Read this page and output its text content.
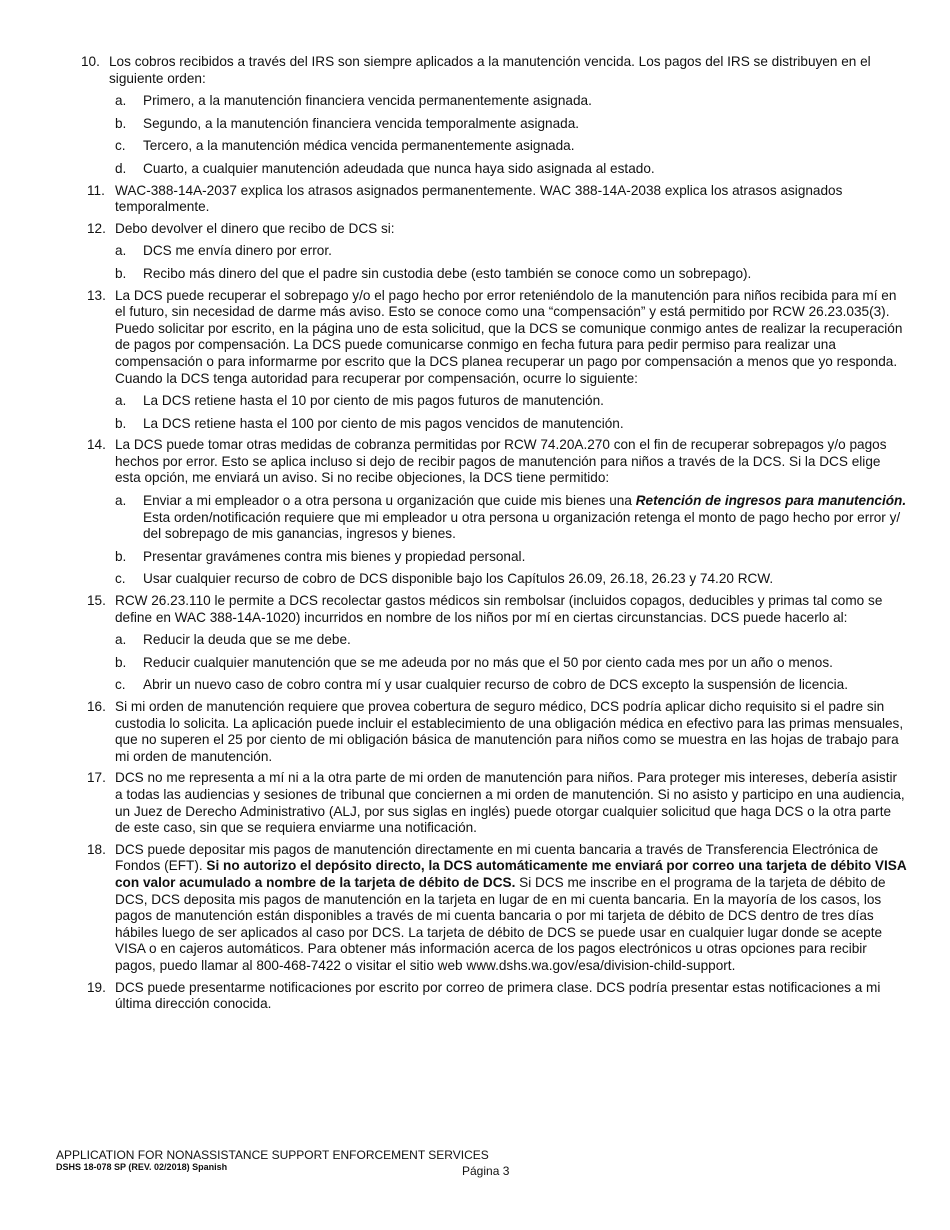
10. Los cobros recibidos a través del IRS son siempre aplicados a la manutención vencida. Los pagos del IRS se distribuyen en el siguiente orden:
a. Primero, a la manutención financiera vencida permanentemente asignada.
b. Segundo, a la manutención financiera vencida temporalmente asignada.
c. Tercero, a la manutención médica vencida permanentemente asignada.
d. Cuarto, a cualquier manutención adeudada que nunca haya sido asignada al estado.
11. WAC-388-14A-2037 explica los atrasos asignados permanentemente. WAC 388-14A-2038 explica los atrasos asignados temporalmente.
12. Debo devolver el dinero que recibo de DCS si:
a. DCS me envía dinero por error.
b. Recibo más dinero del que el padre sin custodia debe (esto también se conoce como un sobrepago).
13. La DCS puede recuperar el sobrepago y/o el pago hecho por error reteniéndolo de la manutención para niños recibida para mí en el futuro, sin necesidad de darme más aviso. Esto se conoce como una “compensación” y está permitido por RCW 26.23.035(3). Puedo solicitar por escrito, en la página uno de esta solicitud, que la DCS se comunique conmigo antes de realizar la recuperación de pagos por compensación. La DCS puede comunicarse conmigo en fecha futura para pedir permiso para realizar una compensación o para informarme por escrito que la DCS planea recuperar un pago por compensación a menos que yo responda. Cuando la DCS tenga autoridad para recuperar por compensación, ocurre lo siguiente:
a. La DCS retiene hasta el 10 por ciento de mis pagos futuros de manutención.
b. La DCS retiene hasta el 100 por ciento de mis pagos vencidos de manutención.
14. La DCS puede tomar otras medidas de cobranza permitidas por RCW 74.20A.270 con el fin de recuperar sobrepagos y/o pagos hechos por error. Esto se aplica incluso si dejo de recibir pagos de manutención para niños a través de la DCS. Si la DCS elige esta opción, me enviará un aviso. Si no recibe objeciones, la DCS tiene permitido:
a. Enviar a mi empleador o a otra persona u organización que cuide mis bienes una Retención de ingresos para manutención. Esta orden/notificación requiere que mi empleador u otra persona u organización retenga el monto de pago hecho por error y/ del sobrepago de mis ganancias, ingresos y bienes.
b. Presentar gravámenes contra mis bienes y propiedad personal.
c. Usar cualquier recurso de cobro de DCS disponible bajo los Capítulos 26.09, 26.18, 26.23 y 74.20 RCW.
15. RCW 26.23.110 le permite a DCS recolectar gastos médicos sin rembolsar (incluidos copagos, deducibles y primas tal como se define en WAC 388-14A-1020) incurridos en nombre de los niños por mí en ciertas circunstancias. DCS puede hacerlo al:
a. Reducir la deuda que se me debe.
b. Reducir cualquier manutención que se me adeuda por no más que el 50 por ciento cada mes por un año o menos.
c. Abrir un nuevo caso de cobro contra mí y usar cualquier recurso de cobro de DCS excepto la suspensión de licencia.
16. Si mi orden de manutención requiere que provea cobertura de seguro médico, DCS podría aplicar dicho requisito si el padre sin custodia lo solicita. La aplicación puede incluir el establecimiento de una obligación médica en efectivo para las primas mensuales, que no superen el 25 por ciento de mi obligación básica de manutención para niños como se muestra en las hojas de trabajo para mi orden de manutención.
17. DCS no me representa a mí ni a la otra parte de mi orden de manutención para niños. Para proteger mis intereses, debería asistir a todas las audiencias y sesiones de tribunal que conciernen a mi orden de manutención. Si no asisto y participo en una audiencia, un Juez de Derecho Administrativo (ALJ, por sus siglas en inglés) puede otorgar cualquier solicitud que haga DCS o la otra parte de este caso, sin que se requiera enviarme una notificación.
18. DCS puede depositar mis pagos de manutención directamente en mi cuenta bancaria a través de Transferencia Electrónica de Fondos (EFT). Si no autorizo el depósito directo, la DCS automáticamente me enviará por correo una tarjeta de débito VISA con valor acumulado a nombre de la tarjeta de débito de DCS. Si DCS me inscribe en el programa de la tarjeta de débito de DCS, DCS deposita mis pagos de manutención en la tarjeta en lugar de en mi cuenta bancaria. En la mayoría de los casos, los pagos de manutención están disponibles a través de mi cuenta bancaria o por mi tarjeta de débito de DCS dentro de tres días hábiles luego de ser aplicados al caso por DCS. La tarjeta de débito de DCS se puede usar en cualquier lugar donde se acepte VISA o en cajeros automáticos. Para obtener más información acerca de los pagos electrónicos u otras opciones para recibir pagos, puedo llamar al 800-468-7422 o visitar el sitio web www.dshs.wa.gov/esa/division-child-support.
19. DCS puede presentarme notificaciones por escrito por correo de primera clase. DCS podría presentar estas notificaciones a mi última dirección conocida.
APPLICATION FOR NONASSISTANCE SUPPORT ENFORCEMENT SERVICES
DSHS 18-078 SP (REV. 02/2018) Spanish	Página 3
